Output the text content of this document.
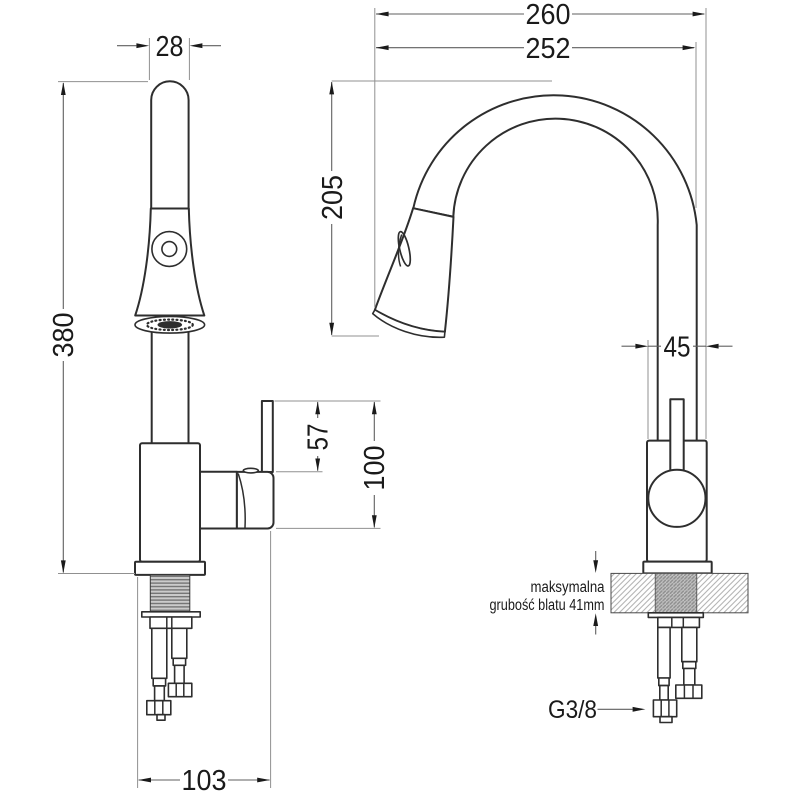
28
260
252
205
380
57
100
45
103
maksymalna
grubość blatu 41mm
G3/8
